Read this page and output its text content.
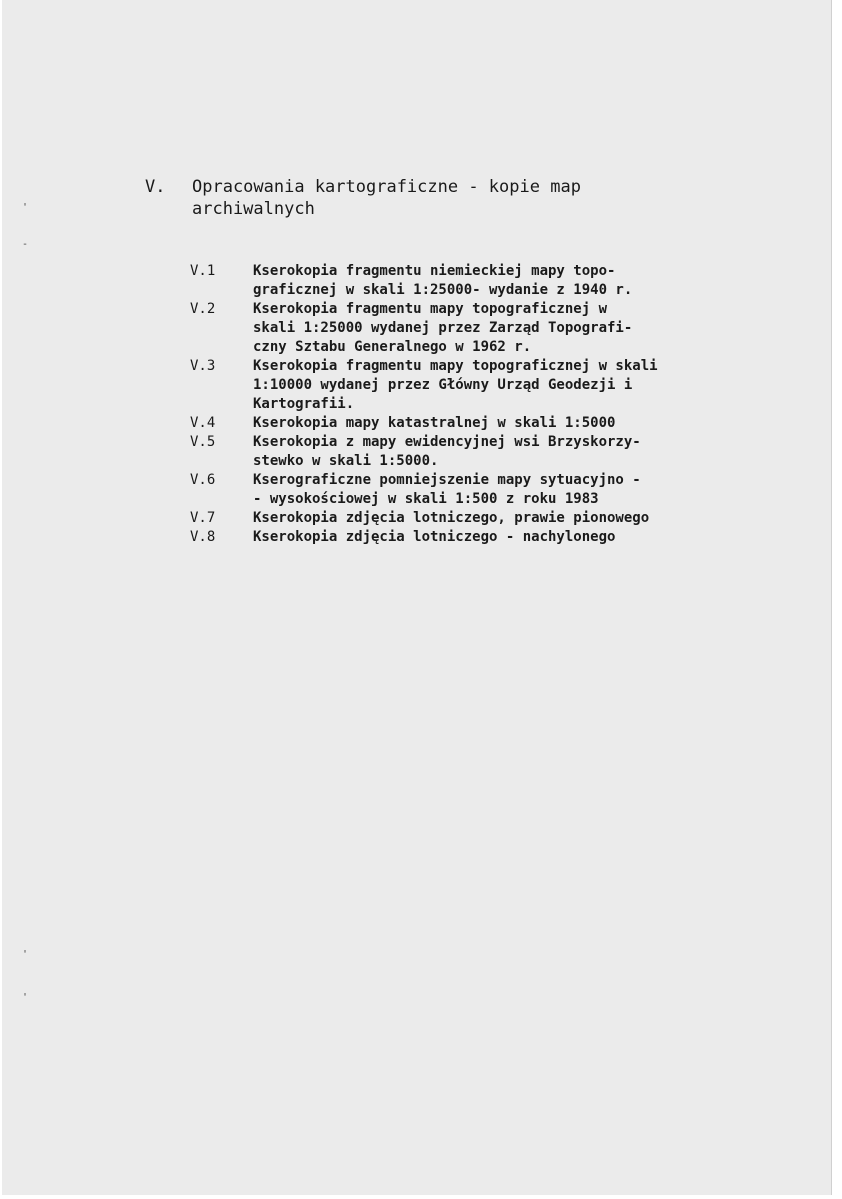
'
-
'
'
V. Opracowania kartograficzne - kopie map
archiwalnych
V.1	Kserokopia fragmentu niemieckiej mapy topo-
graficznej w skali 1:25000- wydanie z 1940 r.
V.2	Kserokopia fragmentu mapy topograficznej w
skali 1:25000 wydanej przez Zarząd Topografi-
czny Sztabu Generalnego w 1962 r.
V.3	Kserokopia fragmentu mapy topograficznej w skali
1:10000 wydanej przez Główny Urząd Geodezji i
Kartografii.
V.4	Kserokopia mapy katastralnej w skali 1:5000
V.5	Kserokopia z mapy ewidencyjnej wsi Brzyskorzy-
stewko w skali 1:5000.
V.6	Kserograficzne pomniejszenie mapy sytuacyjno -
- wysokościowej w skali 1:500 z roku 1983
V.7	Kserokopia zdjęcia lotniczego, prawie pionowego
V.8	Kserokopia zdjęcia lotniczego - nachylonego
